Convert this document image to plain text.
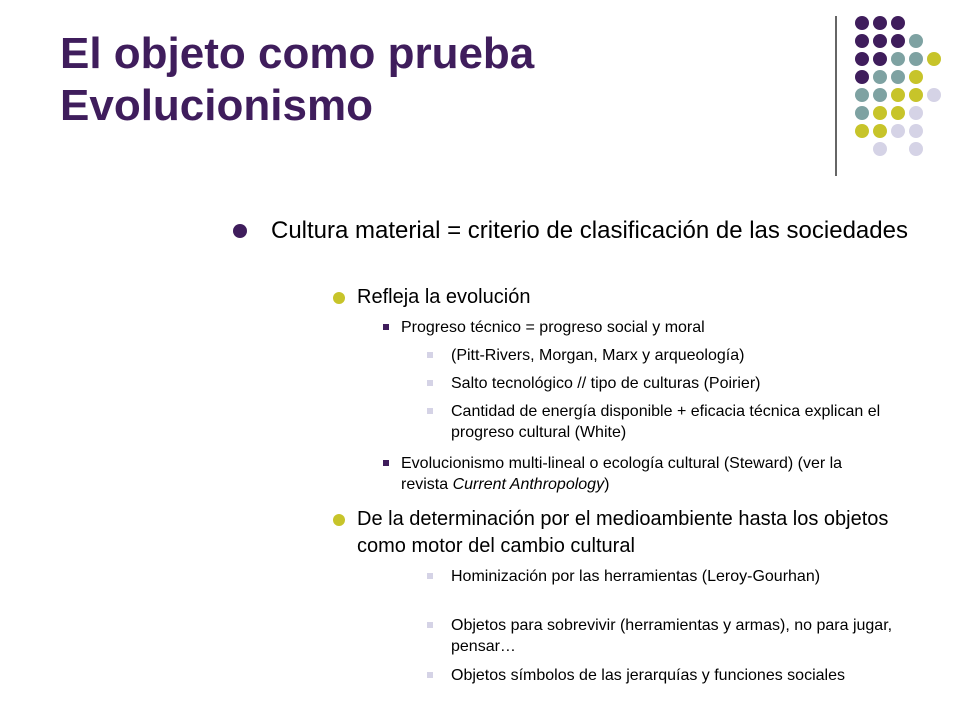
El objeto como prueba
Evolucionismo
Cultura material = criterio de clasificación de las sociedades
Refleja la evolución
Progreso técnico = progreso social y moral
(Pitt-Rivers, Morgan, Marx y arqueología)
Salto tecnológico // tipo de culturas (Poirier)
Cantidad de energía disponible + eficacia técnica explican el progreso cultural (White)
Evolucionismo multi-lineal o ecología cultural (Steward) (ver la revista Current Anthropology)
De la determinación por el medioambiente hasta los objetos como motor del cambio cultural
Hominización por las herramientas (Leroy-Gourhan)
Objetos para sobrevivir (herramientas y armas), no para jugar, pensar…
Objetos símbolos de las jerarquías y funciones sociales
